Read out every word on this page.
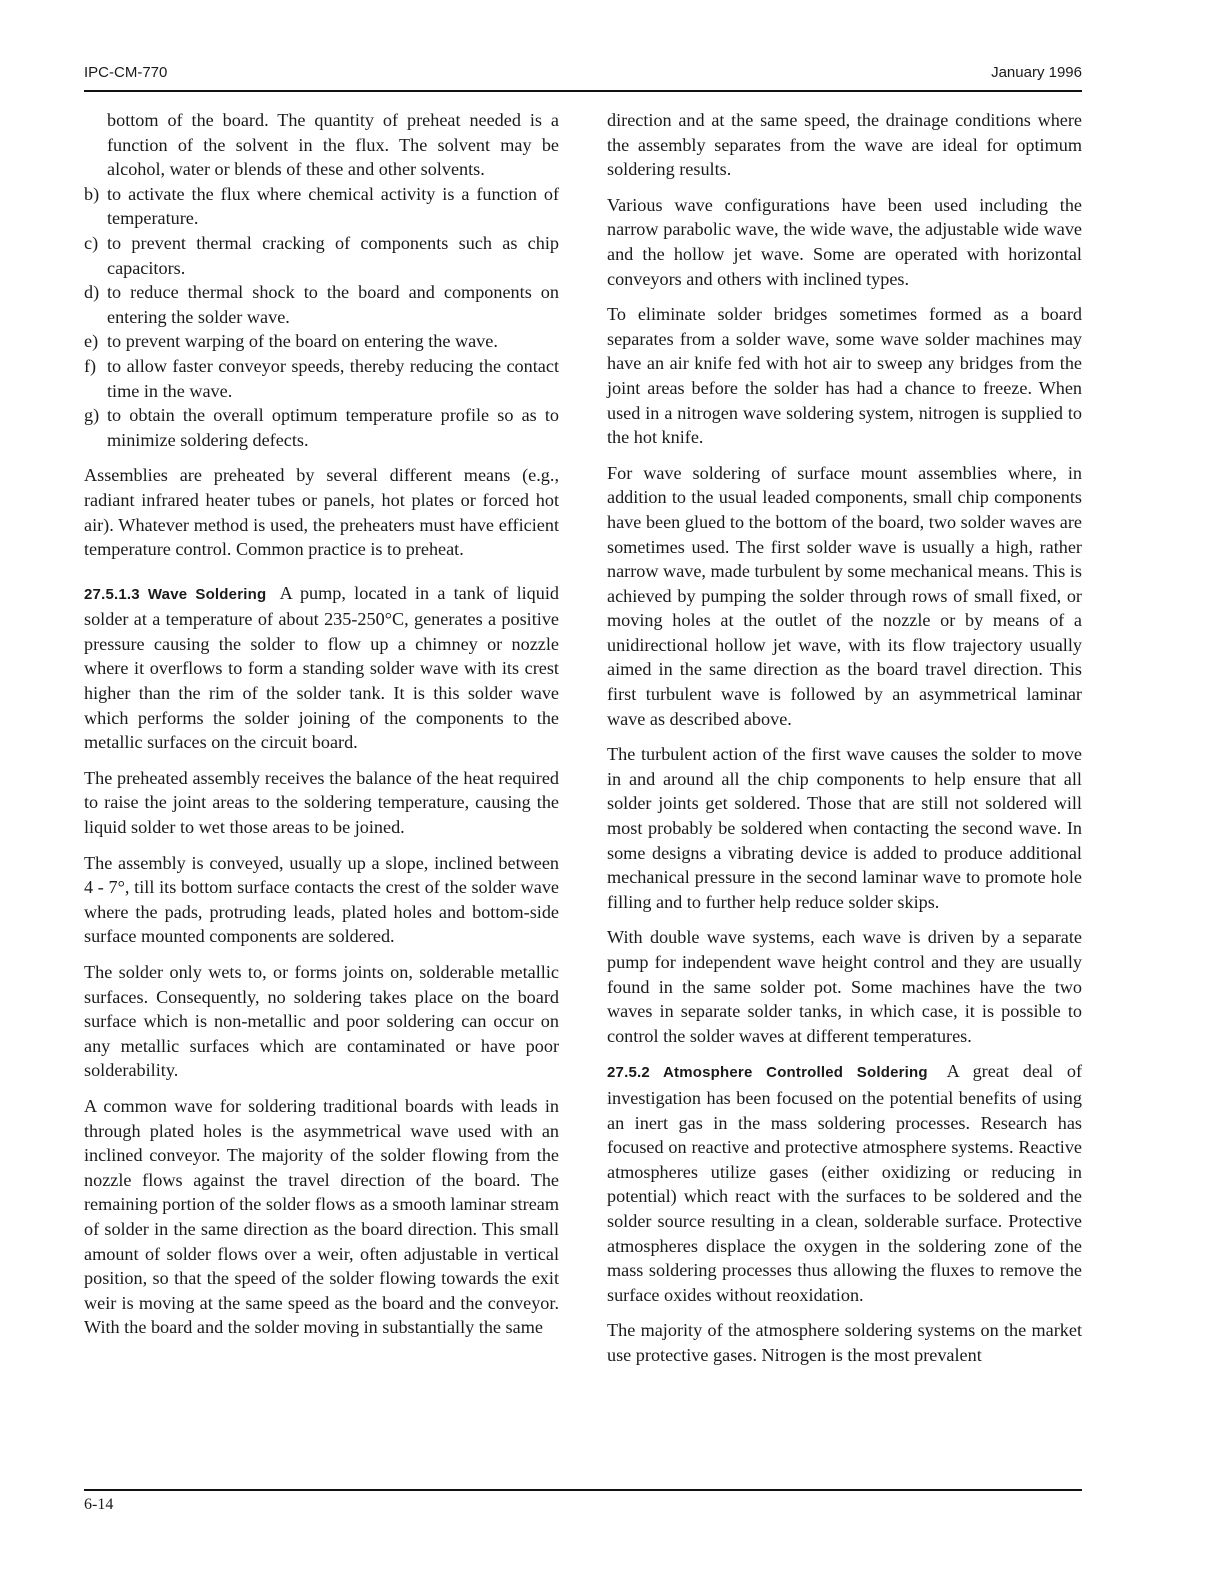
IPC-CM-770	January 1996

bottom of the board. The quantity of preheat needed is a function of the solvent in the flux. The solvent may be alcohol, water or blends of these and other solvents.

b) to activate the flux where chemical activity is a function of temperature.
c) to prevent thermal cracking of components such as chip capacitors.
d) to reduce thermal shock to the board and components on entering the solder wave.
e) to prevent warping of the board on entering the wave.
f) to allow faster conveyor speeds, thereby reducing the contact time in the wave.
g) to obtain the overall optimum temperature profile so as to minimize soldering defects.

Assemblies are preheated by several different means (e.g., radiant infrared heater tubes or panels, hot plates or forced hot air). Whatever method is used, the preheaters must have efficient temperature control. Common practice is to preheat.

27.5.1.3 Wave Soldering A pump, located in a tank of liquid solder at a temperature of about 235-250°C, generates a positive pressure causing the solder to flow up a chimney or nozzle where it overflows to form a standing solder wave with its crest higher than the rim of the solder tank. It is this solder wave which performs the solder joining of the components to the metallic surfaces on the circuit board.

The preheated assembly receives the balance of the heat required to raise the joint areas to the soldering temperature, causing the liquid solder to wet those areas to be joined.

The assembly is conveyed, usually up a slope, inclined between 4 - 7°, till its bottom surface contacts the crest of the solder wave where the pads, protruding leads, plated holes and bottom-side surface mounted components are soldered.

The solder only wets to, or forms joints on, solderable metallic surfaces. Consequently, no soldering takes place on the board surface which is non-metallic and poor soldering can occur on any metallic surfaces which are contaminated or have poor solderability.

A common wave for soldering traditional boards with leads in through plated holes is the asymmetrical wave used with an inclined conveyor. The majority of the solder flowing from the nozzle flows against the travel direction of the board. The remaining portion of the solder flows as a smooth laminar stream of solder in the same direction as the board direction. This small amount of solder flows over a weir, often adjustable in vertical position, so that the speed of the solder flowing towards the exit weir is moving at the same speed as the board and the conveyor. With the board and the solder moving in substantially the same

direction and at the same speed, the drainage conditions where the assembly separates from the wave are ideal for optimum soldering results.

Various wave configurations have been used including the narrow parabolic wave, the wide wave, the adjustable wide wave and the hollow jet wave. Some are operated with horizontal conveyors and others with inclined types.

To eliminate solder bridges sometimes formed as a board separates from a solder wave, some wave solder machines may have an air knife fed with hot air to sweep any bridges from the joint areas before the solder has had a chance to freeze. When used in a nitrogen wave soldering system, nitrogen is supplied to the hot knife.

For wave soldering of surface mount assemblies where, in addition to the usual leaded components, small chip components have been glued to the bottom of the board, two solder waves are sometimes used. The first solder wave is usually a high, rather narrow wave, made turbulent by some mechanical means. This is achieved by pumping the solder through rows of small fixed, or moving holes at the outlet of the nozzle or by means of a unidirectional hollow jet wave, with its flow trajectory usually aimed in the same direction as the board travel direction. This first turbulent wave is followed by an asymmetrical laminar wave as described above.

The turbulent action of the first wave causes the solder to move in and around all the chip components to help ensure that all solder joints get soldered. Those that are still not soldered will most probably be soldered when contacting the second wave. In some designs a vibrating device is added to produce additional mechanical pressure in the second laminar wave to promote hole filling and to further help reduce solder skips.

With double wave systems, each wave is driven by a separate pump for independent wave height control and they are usually found in the same solder pot. Some machines have the two waves in separate solder tanks, in which case, it is possible to control the solder waves at different temperatures.

27.5.2 Atmosphere Controlled Soldering A great deal of investigation has been focused on the potential benefits of using an inert gas in the mass soldering processes. Research has focused on reactive and protective atmosphere systems. Reactive atmospheres utilize gases (either oxidizing or reducing in potential) which react with the surfaces to be soldered and the solder source resulting in a clean, solderable surface. Protective atmospheres displace the oxygen in the soldering zone of the mass soldering processes thus allowing the fluxes to remove the surface oxides without reoxidation.

The majority of the atmosphere soldering systems on the market use protective gases. Nitrogen is the most prevalent

6-14
